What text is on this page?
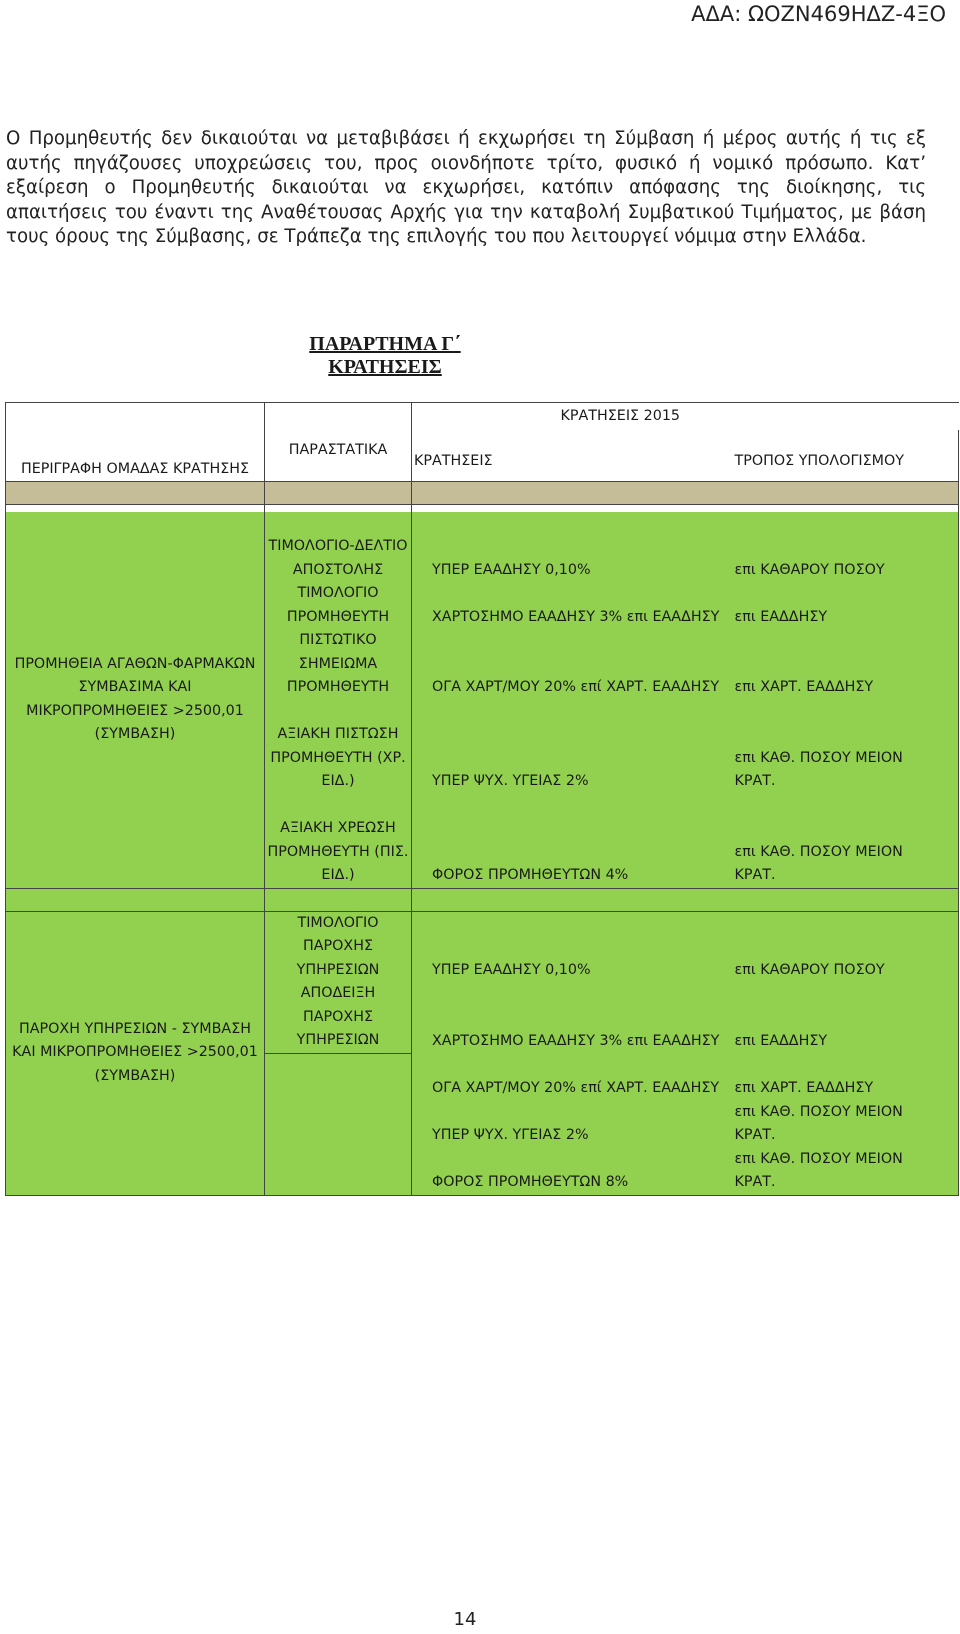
ΑΔΑ: ΩΟΖΝ469ΗΔΖ-4ΞΟ
Ο Προμηθευτής δεν δικαιούται να μεταβιβάσει ή εκχωρήσει τη Σύμβαση ή μέρος αυτής ή τις εξ αυτής πηγάζουσες υποχρεώσεις του, προς οιονδήποτε τρίτο, φυσικό ή νομικό πρόσωπο. Κατ’ εξαίρεση ο Προμηθευτής δικαιούται να εκχωρήσει, κατόπιν απόφασης της διοίκησης, τις απαιτήσεις του έναντι της Αναθέτουσας Αρχής για την καταβολή Συμβατικού Τιμήματος, με βάση τους όρους της Σύμβασης, σε Τράπεζα της επιλογής του που λειτουργεί νόμιμα στην Ελλάδα.
ΠΑΡΑΡΤΗΜΑ Γ΄
ΚΡΑΤΗΣΕΙΣ
ΠΕΡΙΓΡΑΦΗ ΟΜΑΔΑΣ ΚΡΑΤΗΣΗΣ	ΠΑΡΑΣΤΑΤΙΚΑ	ΚΡΑΤΗΣΕΙΣ 2015	
		ΚΡΑΤΗΣΕΙΣ	ΤΡΟΠΟΣ ΥΠΟΛΟΓΙΣΜΟΥ

ΠΡΟΜΗΘΕΙΑ ΑΓΑΘΩΝ-ΦΑΡΜΑΚΩΝ ΣΥΜΒΑΣΙΜΑ ΚΑΙ ΜΙΚΡΟΠΡΟΜΗΘΕΙΕΣ >2500,01 (ΣΥΜΒΑΣΗ)	ΤΙΜΟΛΟΓΙΟ-ΔΕΛΤΙΟ ΑΠΟΣΤΟΛΗΣ	ΥΠΕΡ ΕΑΑΔΗΣΥ 0,10%	επι ΚΑΘΑΡΟΥ ΠΟΣΟΥ
	ΤΙΜΟΛΟΓΙΟ ΠΡΟΜΗΘΕΥΤΗ	ΧΑΡΤΟΣΗΜΟ ΕΑΑΔΗΣΥ 3% επι ΕΑΑΔΗΣΥ	επι ΕΑΔΔΗΣΥ
	ΠΙΣΤΩΤΙΚΟ ΣΗΜΕΙΩΜΑ ΠΡΟΜΗΘΕΥΤΗ	ΟΓΑ ΧΑΡΤ/ΜΟΥ 20% επί ΧΑΡΤ. ΕΑΑΔΗΣΥ	επι ΧΑΡΤ. ΕΑΔΔΗΣΥ
	ΑΞΙΑΚΗ ΠΙΣΤΩΣΗ ΠΡΟΜΗΘΕΥΤΗ (ΧΡ. ΕΙΔ.)	ΥΠΕΡ ΨΥΧ. ΥΓΕΙΑΣ 2%	επι ΚΑΘ. ΠΟΣΟΥ ΜΕΙΟΝ ΚΡΑΤ.
	ΑΞΙΑΚΗ ΧΡΕΩΣΗ ΠΡΟΜΗΘΕΥΤΗ (ΠΙΣ. ΕΙΔ.)	ΦΟΡΟΣ ΠΡΟΜΗΘΕΥΤΩΝ 4%	επι ΚΑΘ. ΠΟΣΟΥ ΜΕΙΟΝ ΚΡΑΤ.

ΠΑΡΟΧΗ ΥΠΗΡΕΣΙΩΝ - ΣΥΜΒΑΣΗ ΚΑΙ ΜΙΚΡΟΠΡΟΜΗΘΕΙΕΣ >2500,01 (ΣΥΜΒΑΣΗ)	ΤΙΜΟΛΟΓΙΟ ΠΑΡΟΧΗΣ ΥΠΗΡΕΣΙΩΝ	ΥΠΕΡ ΕΑΑΔΗΣΥ 0,10%	επι ΚΑΘΑΡΟΥ ΠΟΣΟΥ
	ΑΠΟΔΕΙΞΗ ΠΑΡΟΧΗΣ ΥΠΗΡΕΣΙΩΝ	ΧΑΡΤΟΣΗΜΟ ΕΑΑΔΗΣΥ 3% επι ΕΑΑΔΗΣΥ	επι ΕΑΔΔΗΣΥ
		ΟΓΑ ΧΑΡΤ/ΜΟΥ 20% επί ΧΑΡΤ. ΕΑΑΔΗΣΥ	επι ΧΑΡΤ. ΕΑΔΔΗΣΥ
		ΥΠΕΡ ΨΥΧ. ΥΓΕΙΑΣ 2%	επι ΚΑΘ. ΠΟΣΟΥ ΜΕΙΟΝ ΚΡΑΤ.
		ΦΟΡΟΣ ΠΡΟΜΗΘΕΥΤΩΝ 8%	επι ΚΑΘ. ΠΟΣΟΥ ΜΕΙΟΝ ΚΡΑΤ.
14
